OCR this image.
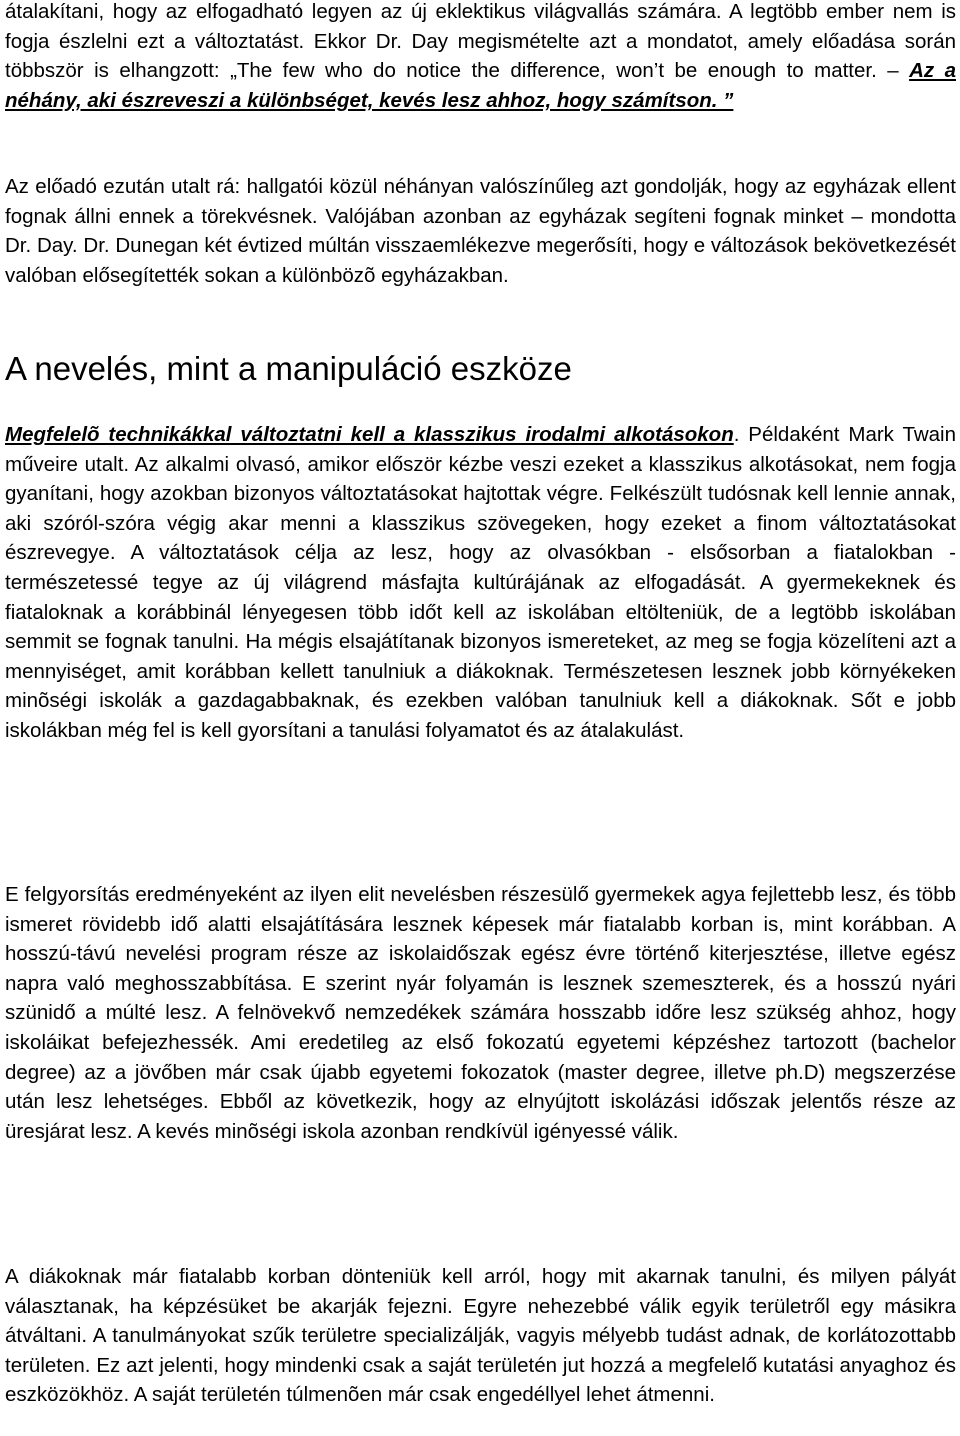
átalakítani, hogy az elfogadható legyen az új eklektikus világvallás számára. A legtöbb ember nem is fogja észlelni ezt a változtatást. Ekkor Dr. Day megismételte azt a mondatot, amely előadása során többször is elhangzott: „The few who do notice the difference, won’t be enough to matter. – Az a néhány, aki észreveszi a különbséget, kevés lesz ahhoz, hogy számítson. ”

Az előadó ezután utalt rá: hallgatói közül néhányan valószínűleg azt gondolják, hogy az egyházak ellent fognak állni ennek a törekvésnek. Valójában azonban az egyházak segíteni fognak minket – mondotta Dr. Day. Dr. Dunegan két évtized múltán visszaemlékezve megerősíti, hogy e változások bekövetkezését valóban elősegítették sokan a különbözõ egyházakban.

A nevelés, mint a manipuláció eszköze

Megfelelõ technikákkal változtatni kell a klasszikus irodalmi alkotásokon. Példaként Mark Twain műveire utalt. Az alkalmi olvasó, amikor először kézbe veszi ezeket a klasszikus alkotásokat, nem fogja gyanítani, hogy azokban bizonyos változtatásokat hajtottak végre. Felkészült tudósnak kell lennie annak, aki szóról-szóra végig akar menni a klasszikus szövegeken, hogy ezeket a finom változtatásokat észrevegye. A változtatások célja az lesz, hogy az olvasókban - elsősorban a fiatalokban - természetessé tegye az új világrend másfajta kultúrájának az elfogadását. A gyermekeknek és fiataloknak a korábbinál lényegesen több időt kell az iskolában eltölteniük, de a legtöbb iskolában semmit se fognak tanulni. Ha mégis elsajátítanak bizonyos ismereteket, az meg se fogja közelíteni azt a mennyiséget, amit korábban kellett tanulniuk a diákoknak. Természetesen lesznek jobb környékeken minõségi iskolák a gazdagabbaknak, és ezekben valóban tanulniuk kell a diákoknak. Sőt e jobb iskolákban még fel is kell gyorsítani a tanulási folyamatot és az átalakulást.

E felgyorsítás eredményeként az ilyen elit nevelésben részesülő gyermekek agya fejlettebb lesz, és több ismeret rövidebb idő alatti elsajátítására lesznek képesek már fiatalabb korban is, mint korábban. A hosszú-távú nevelési program része az iskolaidőszak egész évre történő kiterjesztése, illetve egész napra való meghosszabbítása. E szerint nyár folyamán is lesznek szemeszterek, és a hosszú nyári szünidő a múlté lesz. A felnövekvő nemzedékek számára hosszabb időre lesz szükség ahhoz, hogy iskoláikat befejezhessék. Ami eredetileg az első fokozatú egyetemi képzéshez tartozott (bachelor degree) az a jövőben már csak újabb egyetemi fokozatok (master degree, illetve ph.D) megszerzése után lesz lehetséges. Ebből az következik, hogy az elnyújtott iskolázási időszak jelentős része az üresjárat lesz. A kevés minõségi iskola azonban rendkívül igényessé válik.

A diákoknak már fiatalabb korban dönteniük kell arról, hogy mit akarnak tanulni, és milyen pályát választanak, ha képzésüket be akarják fejezni. Egyre nehezebbé válik egyik területről egy másikra átváltani. A tanulmányokat szűk területre specializálják, vagyis mélyebb tudást adnak, de korlátozottabb területen. Ez azt jelenti, hogy mindenki csak a saját területén jut hozzá a megfelelő kutatási anyaghoz és eszközökhöz. A saját területén túlmenõen már csak engedéllyel lehet átmenni.
